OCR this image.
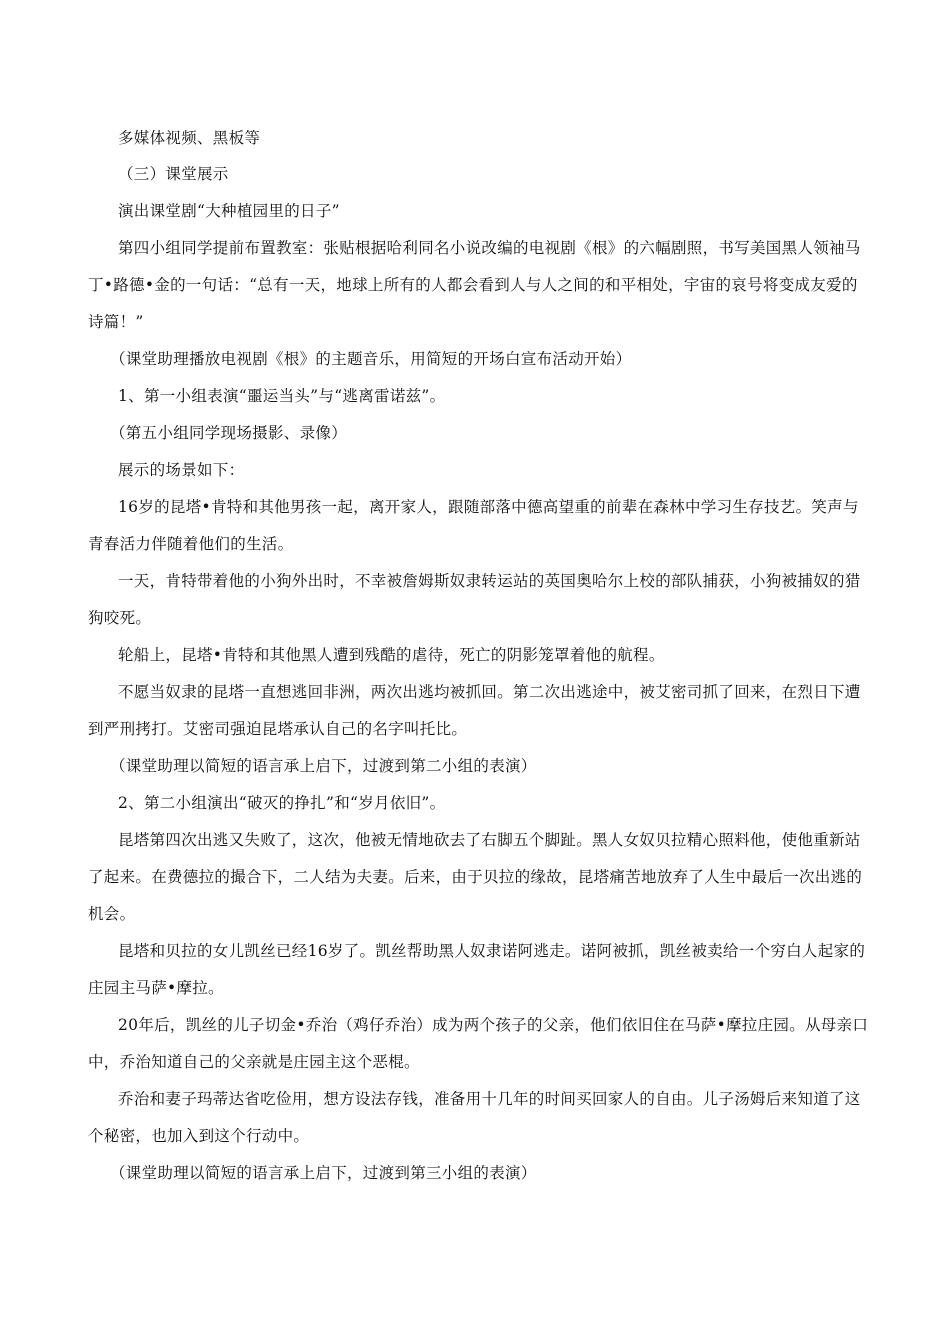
多媒体视频、黑板等

（三）课堂展示

演出课堂剧“大种植园里的日子”

第四小组同学提前布置教室：张贴根据哈利同名小说改编的电视剧《根》的六幅剧照，书写美国黑人领袖马丁•路德•金的一句话：“总有一天，地球上所有的人都会看到人与人之间的和平相处，宇宙的哀号将变成友爱的诗篇！”

（课堂助理播放电视剧《根》的主题音乐，用简短的开场白宣布活动开始）

1、第一小组表演“噩运当头”与“逃离雷诺兹”。

（第五小组同学现场摄影、录像）

展示的场景如下：

16岁的昆塔•肯特和其他男孩一起，离开家人，跟随部落中德高望重的前辈在森林中学习生存技艺。笑声与青春活力伴随着他们的生活。

一天，肯特带着他的小狗外出时，不幸被詹姆斯奴隶转运站的英国奥哈尔上校的部队捕获，小狗被捕奴的猎狗咬死。

轮船上，昆塔•肯特和其他黑人遭到残酷的虐待，死亡的阴影笼罩着他的航程。

不愿当奴隶的昆塔一直想逃回非洲，两次出逃均被抓回。第二次出逃途中，被艾密司抓了回来，在烈日下遭到严刑拷打。艾密司强迫昆塔承认自己的名字叫托比。

（课堂助理以简短的语言承上启下，过渡到第二小组的表演）

2、第二小组演出“破灭的挣扎”和“岁月依旧”。

昆塔第四次出逃又失败了，这次，他被无情地砍去了右脚五个脚趾。黑人女奴贝拉精心照料他，使他重新站了起来。在费德拉的撮合下，二人结为夫妻。后来，由于贝拉的缘故，昆塔痛苦地放弃了人生中最后一次出逃的机会。

昆塔和贝拉的女儿凯丝已经16岁了。凯丝帮助黑人奴隶诺阿逃走。诺阿被抓，凯丝被卖给一个穷白人起家的庄园主马萨•摩拉。

20年后，凯丝的儿子切金•乔治（鸡仔乔治）成为两个孩子的父亲，他们依旧住在马萨•摩拉庄园。从母亲口中，乔治知道自己的父亲就是庄园主这个恶棍。

乔治和妻子玛蒂达省吃俭用，想方设法存钱，准备用十几年的时间买回家人的自由。儿子汤姆后来知道了这个秘密，也加入到这个行动中。

（课堂助理以简短的语言承上启下，过渡到第三小组的表演）
